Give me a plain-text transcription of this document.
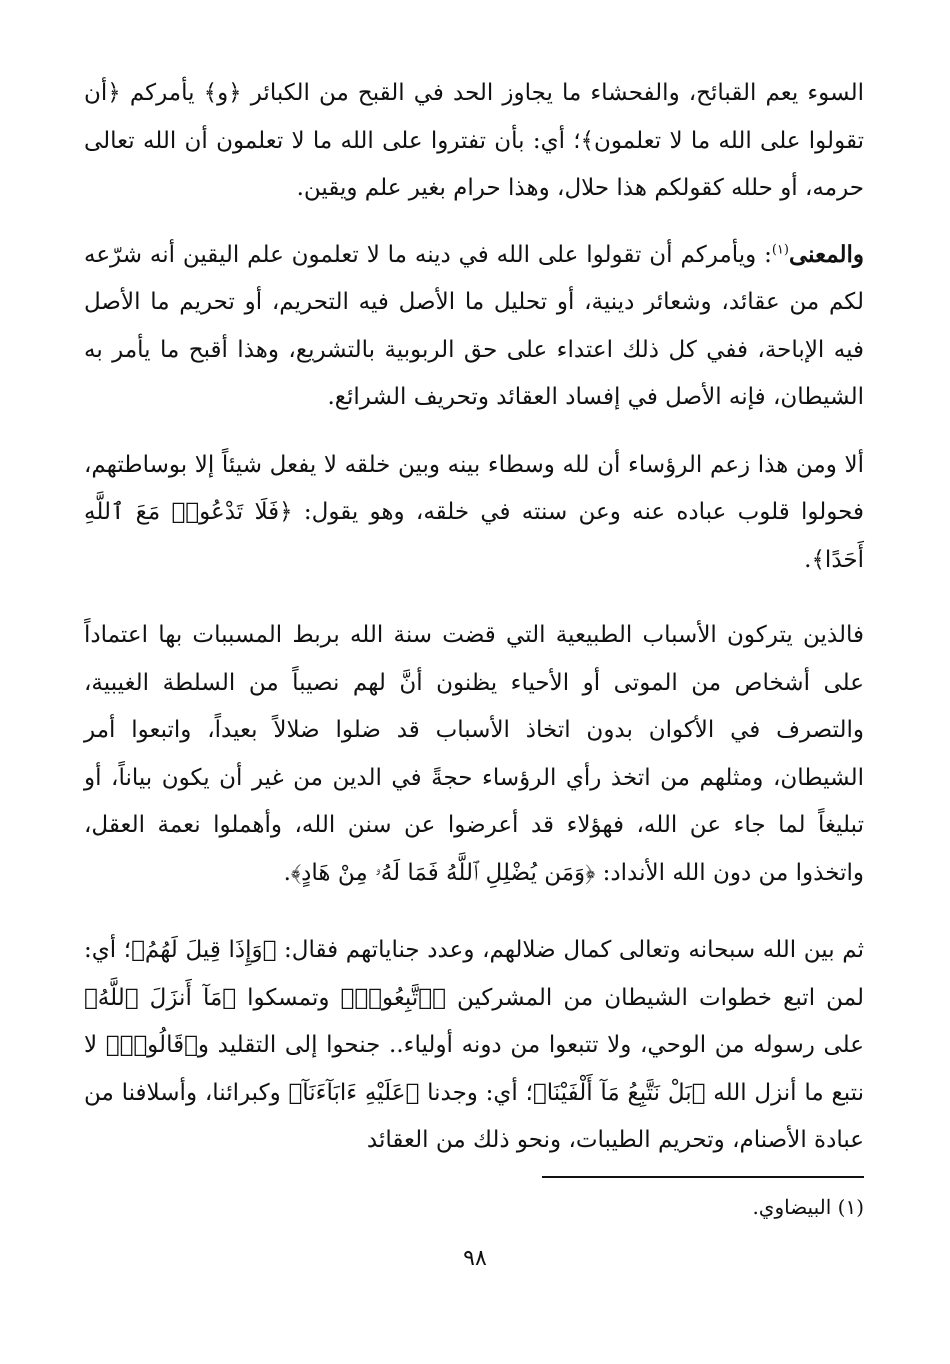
السوء يعم القبائح، والفحشاء ما يجاوز الحد في القبح من الكبائر ﴿و﴾ يأمركم ﴿أن تقولوا على الله ما لا تعلمون﴾؛ أي: بأن تفتروا على الله ما لا تعلمون أن الله تعالى حرمه، أو حلله كقولكم هذا حلال، وهذا حرام بغير علم ويقين.

والمعنى$^{(١)}$: ويأمركم أن تقولوا على الله في دينه ما لا تعلمون علم اليقين أنه شرّعه لكم من عقائد، وشعائر دينية، أو تحليل ما الأصل فيه التحريم، أو تحريم ما الأصل فيه الإباحة، ففي كل ذلك اعتداء على حق الربوبية بالتشريع، وهذا أقبح ما يأمر به الشيطان، فإنه الأصل في إفساد العقائد وتحريف الشرائع.

ألا ومن هذا زعم الرؤساء أن لله وسطاء بينه وبين خلقه لا يفعل شيئاً إلا بوساطتهم، فحولوا قلوب عباده عنه وعن سنته في خلقه، وهو يقول: ﴿فَلَا تَدْعُوا۟ مَعَ ٱللَّهِ أَحَدًا﴾.

فالذين يتركون الأسباب الطبيعية التي قضت سنة الله بربط المسببات بها اعتماداً على أشخاص من الموتى أو الأحياء يظنون أنَّ لهم نصيباً من السلطة الغيبية، والتصرف في الأكوان بدون اتخاذ الأسباب قد ضلوا ضلالاً بعيداً، واتبعوا أمر الشيطان، ومثلهم من اتخذ رأي الرؤساء حجةً في الدين من غير أن يكون بياناً، أو تبليغاً لما جاء عن الله، فهؤلاء قد أعرضوا عن سنن الله، وأهملوا نعمة العقل، واتخذوا من دون الله الأنداد: ﴿وَمَن يُضْلِلِ ٱللَّهُ فَمَا لَهُۥ مِنْ هَادٍ﴾.

ثم بين الله سبحانه وتعالى كمال ضلالهم، وعدد جناياتهم فقال: ﴿وَإِذَا قِيلَ لَهُمُ﴾؛ أي: لمن اتبع خطوات الشيطان من المشركين ﴿ٱتَّبِعُوا۟﴾ وتمسكوا ﴿مَآ أَنزَلَ ٱللَّهُ﴾ على رسوله من الوحي، ولا تتبعوا من دونه أولياء.. جنحوا إلى التقليد و﴿قَالُوا۟﴾ لا نتبع ما أنزل الله ﴿بَلْ نَتَّبِعُ مَآ أَلْفَيْنَا﴾؛ أي: وجدنا ﴿عَلَيْهِ ءَابَآءَنَآ﴾ وكبرائنا، وأسلافنا من عبادة الأصنام، وتحريم الطيبات، ونحو ذلك من العقائد

(١) البيضاوي.
٩٨
